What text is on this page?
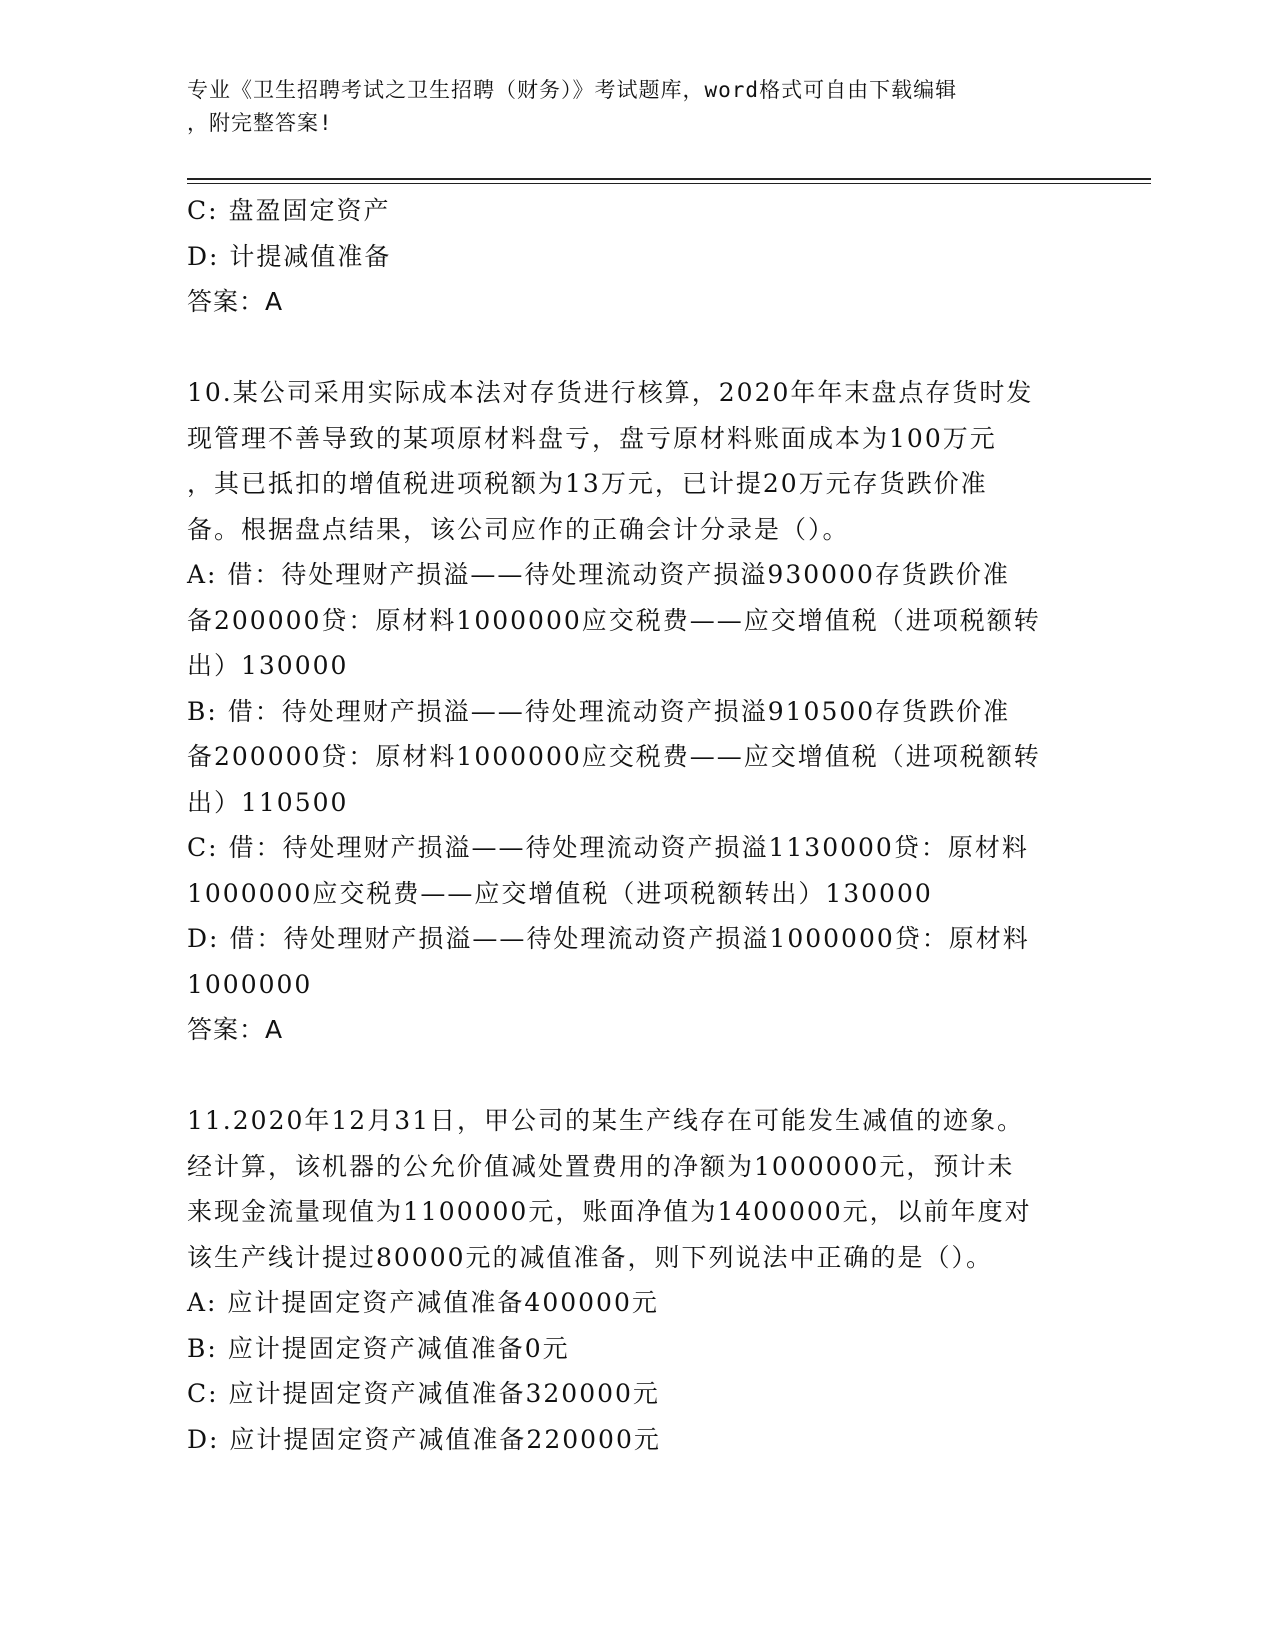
专业《卫生招聘考试之卫生招聘（财务）》考试题库，word格式可自由下载编辑
，附完整答案!
C: 盘盈固定资产
D: 计提减值准备
答案：A
10.某公司采用实际成本法对存货进行核算，2020年年末盘点存货时发
现管理不善导致的某项原材料盘亏，盘亏原材料账面成本为100万元
，其已抵扣的增值税进项税额为13万元，已计提20万元存货跌价准
备。根据盘点结果，该公司应作的正确会计分录是（）。
A: 借：待处理财产损溢——待处理流动资产损溢930000存货跌价准
备200000贷：原材料1000000应交税费——应交增值税（进项税额转
出）130000
B: 借：待处理财产损溢——待处理流动资产损溢910500存货跌价准
备200000贷：原材料1000000应交税费——应交增值税（进项税额转
出）110500
C: 借：待处理财产损溢——待处理流动资产损溢1130000贷：原材料
1000000应交税费——应交增值税（进项税额转出）130000
D: 借：待处理财产损溢——待处理流动资产损溢1000000贷：原材料
1000000
答案：A
11.2020年12月31日，甲公司的某生产线存在可能发生减值的迹象。
经计算，该机器的公允价值减处置费用的净额为1000000元，预计未
来现金流量现值为1100000元，账面净值为1400000元，以前年度对
该生产线计提过80000元的减值准备，则下列说法中正确的是（）。
A: 应计提固定资产减值准备400000元
B: 应计提固定资产减值准备0元
C: 应计提固定资产减值准备320000元
D: 应计提固定资产减值准备220000元
